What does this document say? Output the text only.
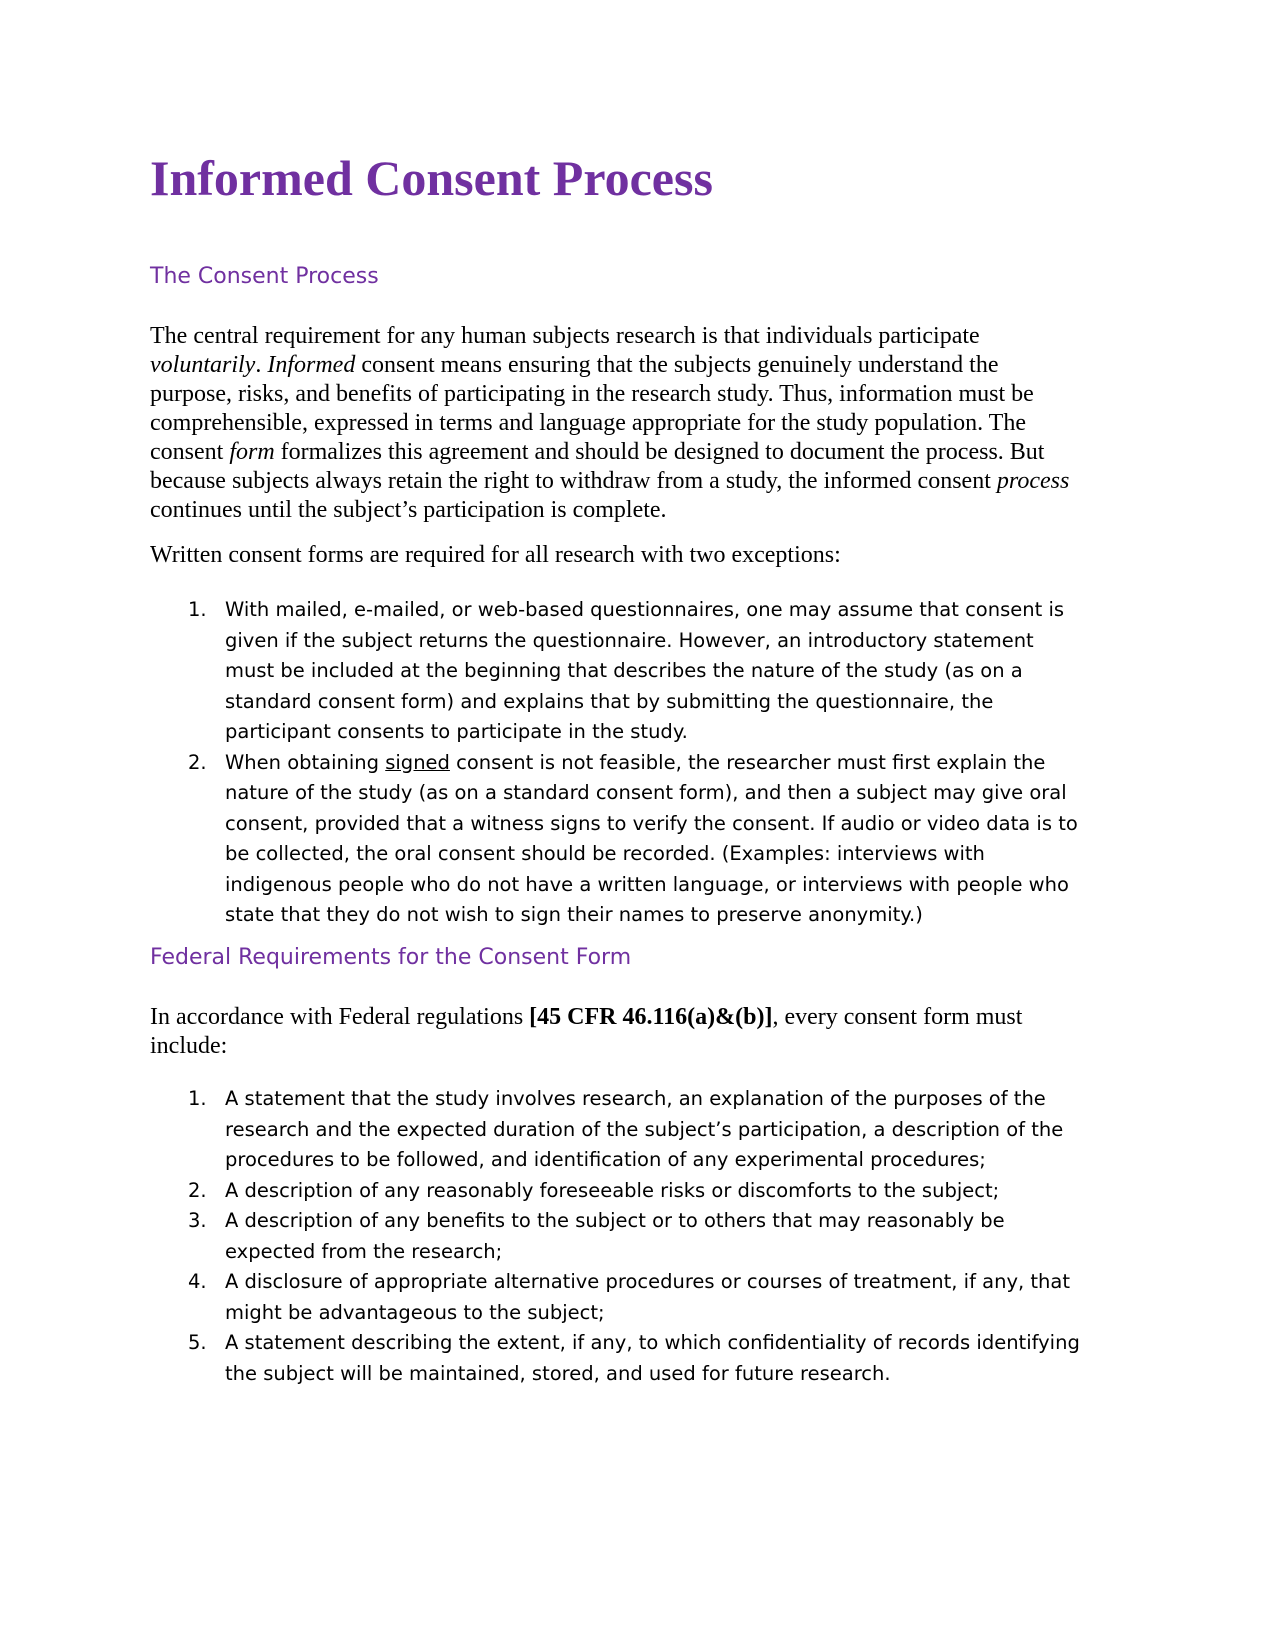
Informed Consent Process
The Consent Process
The central requirement for any human subjects research is that individuals participate
voluntarily. Informed consent means ensuring that the subjects genuinely understand the
purpose, risks, and benefits of participating in the research study. Thus, information must be
comprehensible, expressed in terms and language appropriate for the study population. The
consent form formalizes this agreement and should be designed to document the process. But
because subjects always retain the right to withdraw from a study, the informed consent process
continues until the subject’s participation is complete.

Written consent forms are required for all research with two exceptions:

1. With mailed, e-mailed, or web-based questionnaires, one may assume that consent is
given if the subject returns the questionnaire. However, an introductory statement
must be included at the beginning that describes the nature of the study (as on a
standard consent form) and explains that by submitting the questionnaire, the
participant consents to participate in the study.
2. When obtaining signed consent is not feasible, the researcher must first explain the
nature of the study (as on a standard consent form), and then a subject may give oral
consent, provided that a witness signs to verify the consent. If audio or video data is to
be collected, the oral consent should be recorded. (Examples: interviews with
indigenous people who do not have a written language, or interviews with people who
state that they do not wish to sign their names to preserve anonymity.)
Federal Requirements for the Consent Form
In accordance with Federal regulations [45 CFR 46.116(a)&(b)], every consent form must
include:
1. A statement that the study involves research, an explanation of the purposes of the
research and the expected duration of the subject’s participation, a description of the
procedures to be followed, and identification of any experimental procedures;
2. A description of any reasonably foreseeable risks or discomforts to the subject;
3. A description of any benefits to the subject or to others that may reasonably be
expected from the research;
4. A disclosure of appropriate alternative procedures or courses of treatment, if any, that
might be advantageous to the subject;
5. A statement describing the extent, if any, to which confidentiality of records identifying
the subject will be maintained, stored, and used for future research.
